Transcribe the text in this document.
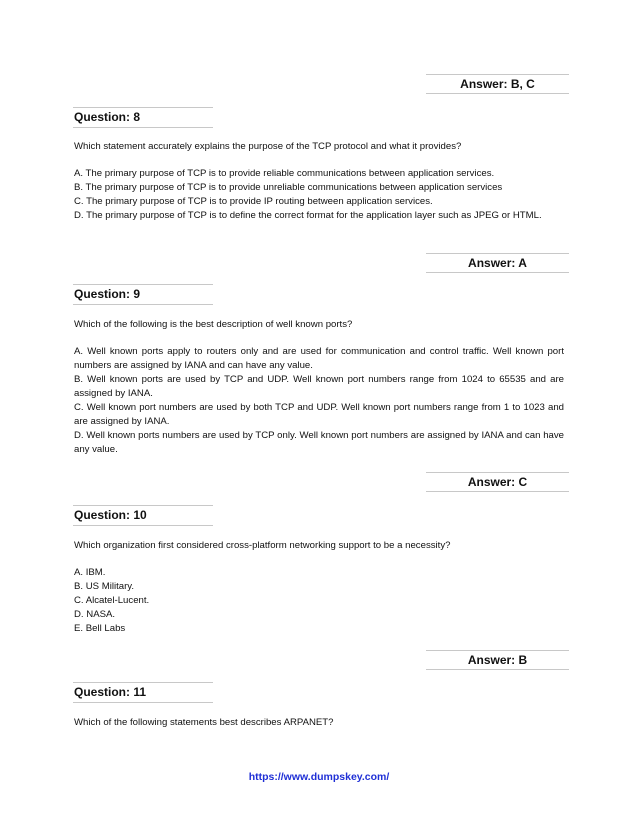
Answer: B, C
Question: 8
Which statement accurately explains the purpose of the TCP protocol and what it provides?
A. The primary purpose of TCP is to provide reliable communications between application services.
B. The primary purpose of TCP is to provide unreliable communications between application services
C. The primary purpose of TCP is to provide IP routing between application services.
D. The primary purpose of TCP is to define the correct format for the application layer such as JPEG or HTML.
Answer: A
Question: 9
Which of the following is the best description of well known ports?
A. Well known ports apply to routers only and are used for communication and control traffic. Well known port numbers are assigned by IANA and can have any value.
B. Well known ports are used by TCP and UDP. Well known port numbers range from 1024 to 65535 and are assigned by IANA.
C. Well known port numbers are used by both TCP and UDP. Well known port numbers range from 1 to 1023 and are assigned by IANA.
D. Well known ports numbers are used by TCP only. Well known port numbers are assigned by IANA and can have any value.
Answer: C
Question: 10
Which organization first considered cross-platform networking support to be a necessity?
A. IBM.
B. US Military.
C. Alcatel-Lucent.
D. NASA.
E. Bell Labs
Answer: B
Question: 11
Which of the following statements best describes ARPANET?
https://www.dumpskey.com/
